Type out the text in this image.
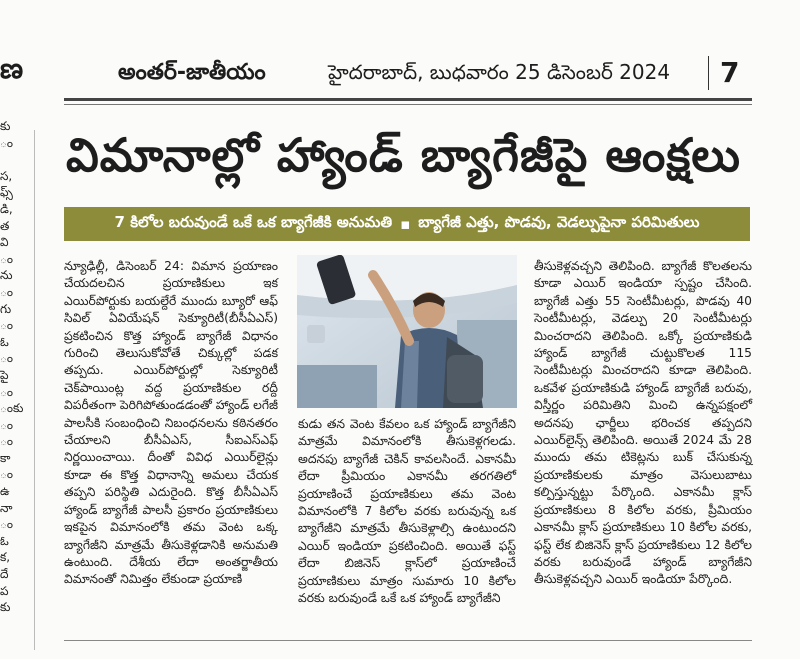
ణ	అంతర్-జాతీయం	హైదరాబాద్, బుధవారం 25 డిసెంబర్ 2024 7
కు
ం

స,
ఫ్స్
డి,
త
వి
ం
ను
ం
గు
ం
ఓ
ం
పై
ం
ంకు
ం
ం
కా
ం
ఉ
నా
ం
ఓ
క,
దే
ప
కు
విమానాల్లో హ్యాండ్ బ్యాగేజీపై ఆంక్షలు
7 కిలోల బరువుండే ఒకే ఒక బ్యాగేజీకి అనుమతి ▪ బ్యాగేజీ ఎత్తు, పొడవు, వెడల్పుపైనా పరిమితులు
న్యూఢిల్లీ, డిసెంబర్ 24: విమాన ప్రయాణం చేయదలచిన ప్రయాణికులు ఇక ఎయిర్‌పోర్టుకు బయల్దేరే ముందు బ్యూరో ఆఫ్ సివిల్ ఏవియేషన్ సెక్యూరిటీ(బీసీఏఎస్) ప్రకటించిన కొత్త హ్యాండ్ బ్యాగేజీ విధానం గురించి తెలుసుకోవోతే చిక్కుల్లో పడక తప్పదు. ఎయిర్‌పోర్టుల్లో సెక్యూరిటీ చెక్‌పాయింట్ల వద్ద ప్రయాణికుల రద్దీ విపరీతంగా పెరిగిపోతుండడంతో హ్యాండ్ లగేజీ పాలసీకి సంబంధించి నిబంధనలను కఠినతరం చేయాలని బీసీఏఎస్, సీఐఎస్‌ఎఫ్ నిర్ణయించాయి. దీంతో వివిధ ఎయిర్‌లైన్లు కూడా ఈ కొత్త విధానాన్ని అమలు చేయక తప్పని పరిస్థితి ఎదురైంది. కొత్త బీసీఏఎస్ హ్యాండ్ బ్యాగేజీ పాలసీ ప్రకారం ప్రయాణికులు ఇకపైన విమానంలోకి తమ వెంట ఒక్క బ్యాగేజీని మాత్రమే తీసుకెళ్లడానికి అనుమతి ఉంటుంది. దేశీయ లేదా అంతర్జాతీయ విమానంతో నిమిత్తం లేకుండా ప్రయాణి
కుడు తన వెంట కేవలం ఒక హ్యాండ్ బ్యాగేజీని మాత్రమే విమానంలోకి తీసుకెళ్లగలడు. అదనపు బ్యాగేజీ చెకిన్ కావలసిందే. ఎకానమీ లేదా ప్రీమియం ఎకానమీ తరగతిలో ప్రయాణించే ప్రయాణికులు తమ వెంట విమానంలోకి 7 కిలోల వరకు బరువున్న ఒక బ్యాగేజీని మాత్రమే తీసుకెళ్లాల్సి ఉంటుందని ఎయిర్ ఇండియా ప్రకటించింది. అయితే ఫస్ట్ లేదా బిజినెస్ క్లాస్‌లో ప్రయాణించే ప్రయాణికులు మాత్రం సుమారు 10 కిలోల వరకు బరువుండే ఒకే ఒక హ్యాండ్ బ్యాగేజీని
తీసుకెళ్లవచ్చని తెలిపింది. బ్యాగేజీ కొలతలను కూడా ఎయిర్ ఇండియా స్పష్టం చేసింది. బ్యాగేజీ ఎత్తు 55 సెంటీమీటర్లు, పొడవు 40 సెంటీమీటర్లు, వెడల్పు 20 సెంటీమీటర్లు మించరాదని తెలిపింది. ఒక్కో ప్రయాణికుడి హ్యాండ్ బ్యాగేజీ చుట్టుకొలత 115 సెంటీమీటర్లు మించరాదని కూడా తెలిపింది. ఒకవేళ ప్రయాణికుడి హ్యాండ్ బ్యాగేజీ బరువు, విస్తీర్ణం పరిమితిని మించి ఉన్నపక్షంలో అదనపు ఛార్జీలు భరించక తప్పదని ఎయిర్‌లైన్స్ తెలిపింది. అయితే 2024 మే 28 ముందు తమ టికెట్లను బుక్ చేసుకున్న ప్రయాణికులకు మాత్రం వెసులుబాటు కల్పిస్తున్నట్టు పేర్కొంది. ఎకానమీ క్లాస్ ప్రయాణికులు 8 కిలోల వరకు, ప్రీమియం ఎకానమీ క్లాస్ ప్రయాణికులు 10 కిలోల వరకు, ఫస్ట్ లేక బిజినెస్ క్లాస్ ప్రయాణికులు 12 కిలోల వరకు బరువుండే హ్యాండ్ బ్యాగేజీని తీసుకెళ్లవచ్చని ఎయిర్ ఇండియా పేర్కొంది.
